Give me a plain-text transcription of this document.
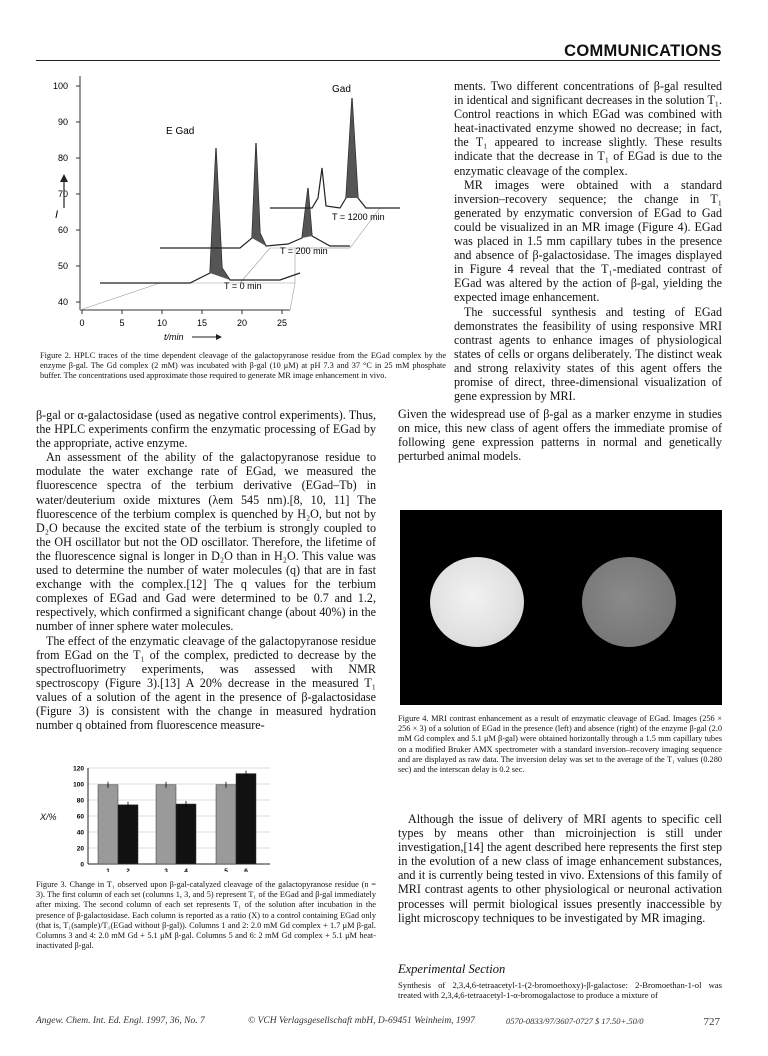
COMMUNICATIONS
100
90
80
70
60
50
40
0	5	10	15	20	25
Gad
E Gad
T = 1200 min
T = 200 min
T = 0 min
I
t/min
Figure 2. HPLC traces of the time dependent cleavage of the galactopyranose residue from the EGad complex by the enzyme β-gal. The Gd complex (2 mM) was incubated with β-gal (10 μM) at pH 7.3 and 37 °C in 25 mM phosphate buffer. The concentrations used approximate those required to generate MR image enhancement in vivo.

ments. Two different concentrations of β-gal resulted in identical and significant decreases in the solution T₁. Control reactions in which EGad was combined with heat-inactivated enzyme showed no decrease; in fact, the T₁ appeared to increase slightly. These results indicate that the decrease in T₁ of EGad is due to the enzymatic cleavage of the complex.

MR images were obtained with a standard inversion–recovery sequence; the change in T₁ generated by enzymatic conversion of EGad to Gad could be visualized in an MR image (Figure 4). EGad was placed in 1.5 mm capillary tubes in the presence and absence of β-galactosidase. The images displayed in Figure 4 reveal that the T₁-mediated contrast of EGad was altered by the action of β-gal, yielding the expected image enhancement.

The successful synthesis and testing of EGad demonstrates the feasibility of using responsive MRI contrast agents to enhance images of physiological states of cells or organs deliberately. The distinct weak and strong relaxivity states of this agent offers the promise of direct, three-dimensional visualization of gene expression by MRI.

Given the widespread use of β-gal as a marker enzyme in studies on mice, this new class of agent offers the immediate promise of following gene expression patterns in normal and genetically perturbed animal models.

β-gal or α-galactosidase (used as negative control experiments). Thus, the HPLC experiments confirm the enzymatic processing of EGad by the appropriate, active enzyme.

An assessment of the ability of the galactopyranose residue to modulate the water exchange rate of EGad, we measured the fluorescence spectra of the terbium derivative (EGad–Tb) in water/deuterium oxide mixtures (λem 545 nm).[8, 10, 11] The fluorescence of the terbium complex is quenched by H₂O, but not by D₂O because the excited state of the terbium is strongly coupled to the OH oscillator but not the OD oscillator. Therefore, the lifetime of the fluorescence signal is longer in D₂O than in H₂O. This value was used to determine the number of water molecules (q) that are in fast exchange with the complex.[12] The q values for the terbium complexes of EGad and Gad were determined to be 0.7 and 1.2, respectively, which confirmed a significant change (about 40%) in the number of inner sphere water molecules.

The effect of the enzymatic cleavage of the galactopyranose residue from EGad on the T₁ of the complex, predicted to decrease by the spectrofluorimetry experiments, was assessed with NMR spectroscopy (Figure 3).[13] A 20% decrease in the measured T₁ values of a solution of the agent in the presence of β-galactosidase (Figure 3) is consistent with the change in measured hydration number q obtained from fluorescence measure-	Figure 4. MRI contrast enhancement as a result of enzymatic cleavage of EGad. Images (256 × 256 × 3) of a solution of EGad in the presence (left) and absence (right) of the enzyme β-gal (2.0 mM Gd complex and 5.1 μM β-gal) were obtained horizontally through a 1.5 mm capillary tubes on a modified Bruker AMX spectrometer with a standard inversion–recovery imaging sequence and are displayed as raw data. The inversion delay was set to the average of the T₁ values (0.280 sec) and the interscan delay is 0.2 sec.
120
100
80
60
40
20
0
1	2	3	4	5	6
X/%
Figure 3. Change in T₁ observed upon β-gal-catalyzed cleavage of the galactopyranose residue (n = 3). The first column of each set (columns 1, 3, and 5) represent T₁ of the EGad and β-gal immediately after mixing. The second column of each set represents T₁ of the solution after incubation in the presence of β-galactosidase. Each column is reported as a ratio (X) to a control containing EGad only (that is, T₁(sample)/T₁(EGad without β-gal)). Columns 1 and 2: 2.0 mM Gd complex + 1.7 μM β-gal. Columns 3 and 4: 2.0 mM Gd + 5.1 μM β-gal. Columns 5 and 6: 2 mM Gd complex + 5.1 μM heat-inactivated β-gal.

Although the issue of delivery of MRI agents to specific cell types by means other than microinjection is still under investigation,[14] the agent described here represents the first step in the evolution of a new class of image enhancement substances, and it is currently being tested in vivo. Extensions of this family of MRI contrast agents to other physiological or neuronal activation processes will permit biological issues presently inaccessible by light microscopy techniques to be investigated by MR imaging.

Experimental Section
Synthesis of 2,3,4,6-tetraacetyl-1-(2-bromoethoxy)-β-galactose: 2-Bromoethan-1-ol was treated with 2,3,4,6-tetraacetyl-1-α-bromogalactose to produce a mixture of
Angew. Chem. Int. Ed. Engl. 1997, 36, No. 7	© VCH Verlagsgesellschaft mbH, D-69451 Weinheim, 1997	0570-0833/97/3607-0727 $ 17.50+.50/0	727
